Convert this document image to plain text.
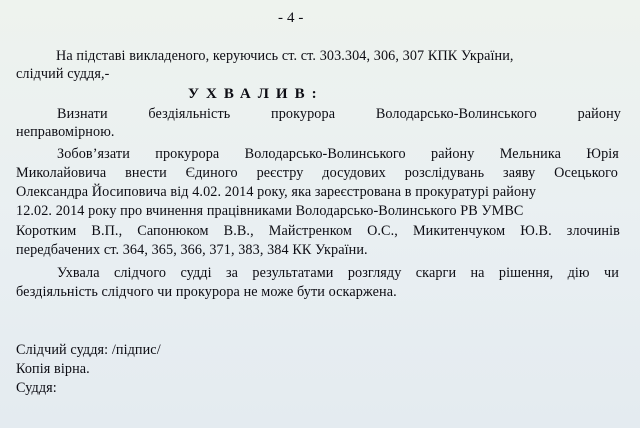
- 4 -
На підставі викладеного, керуючись ст. ст. 303.304, 306, 307 КПК України,
слідчий суддя,-
УХВАЛИВ:
Визнати	бездіяльність	прокурора	Володарсько-Волинського	району
неправомірною.
Зобов’язати прокурора Володарсько-Волинського району Мельника Юрія
Миколайовича внести Єдиного реєстру досудових розслідувань заяву Осецького
Олександра Йосиповича від 4.02. 2014 року, яка зареєстрована в прокуратурі району
12.02. 2014 року про вчинення працівниками Володарсько-Волинського РВ УМВС
Коротким В.П., Сапонюком В.В., Майстренком О.С., Микитенчуком Ю.В. злочинів
передбачених ст. 364, 365, 366, 371, 383, 384 КК України.
Ухвала слідчого судді за результатами розгляду скарги на рішення, дію чи
бездіяльність слідчого чи прокурора не може бути оскаржена.
Слідчий суддя: /підпис/
Копія вірна.
Суддя:
